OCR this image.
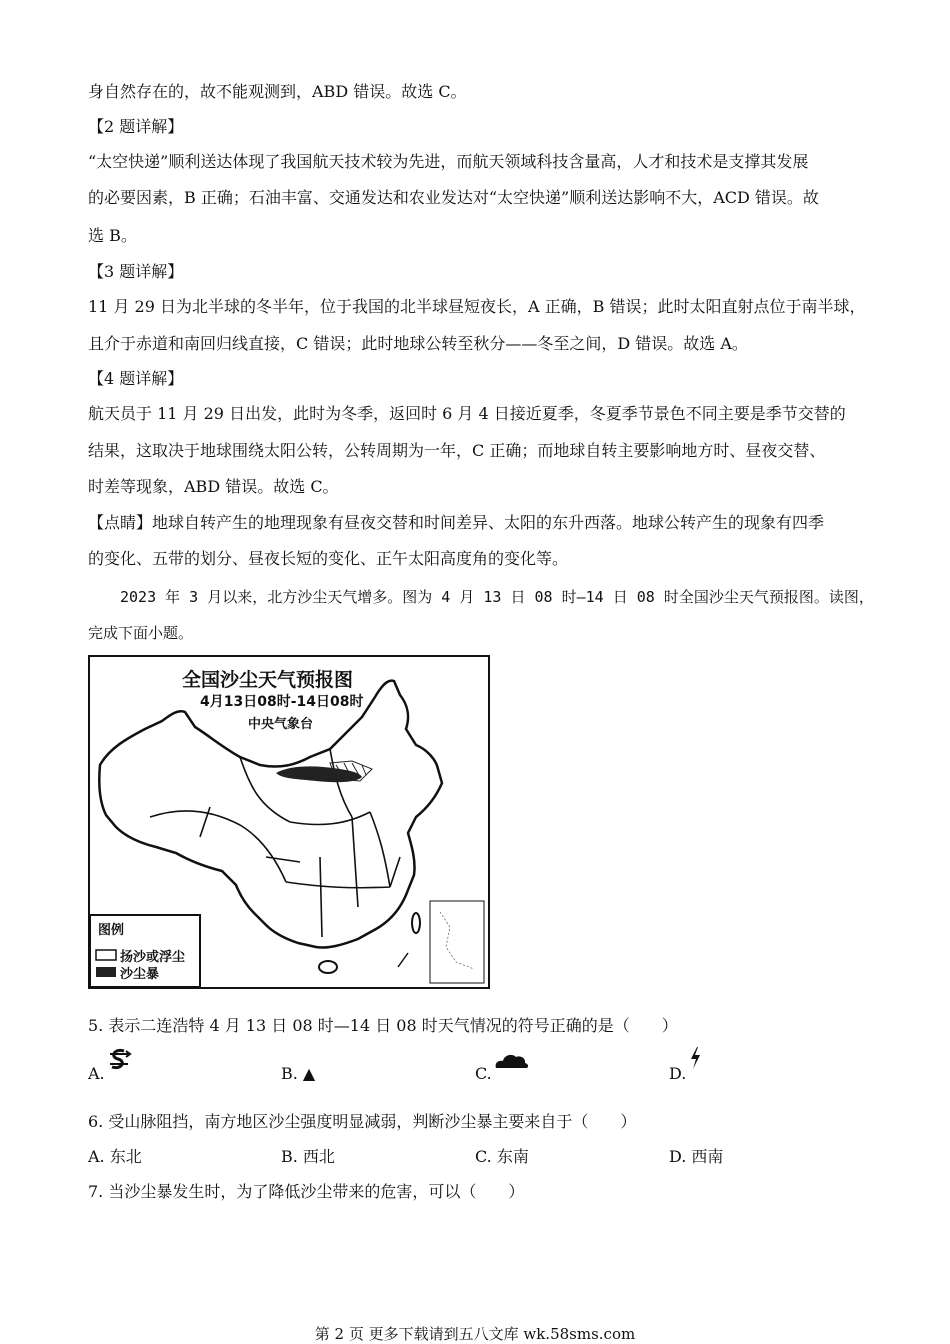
身自然存在的，故不能观测到，ABD 错误。故选 C。
【2 题详解】
“太空快递”顺利送达体现了我国航天技术较为先进，而航天领域科技含量高，人才和技术是支撑其发展
的必要因素，B 正确；石油丰富、交通发达和农业发达对“太空快递”顺利送达影响不大，ACD 错误。故
选 B。
【3 题详解】
11 月 29 日为北半球的冬半年，位于我国的北半球昼短夜长，A 正确，B 错误；此时太阳直射点位于南半球，
且介于赤道和南回归线直接，C 错误；此时地球公转至秋分——冬至之间，D 错误。故选 A。
【4 题详解】
航天员于 11 月 29 日出发，此时为冬季，返回时 6 月 4 日接近夏季，冬夏季节景色不同主要是季节交替的
结果，这取决于地球围绕太阳公转，公转周期为一年，C 正确；而地球自转主要影响地方时、昼夜交替、
时差等现象，ABD 错误。故选 C。
【点睛】地球自转产生的地理现象有昼夜交替和时间差异、太阳的东升西落。地球公转产生的现象有四季
的变化、五带的划分、昼夜长短的变化、正午太阳高度角的变化等。
2023 年 3 月以来，北方沙尘天气增多。图为 4 月 13 日 08 时—14 日 08 时全国沙尘天气预报图。读图，
完成下面小题。
全国沙尘天气预报图
4月13日08时-14日08时
中央气象台
图例
扬沙或浮尘
沙尘暴
5. 表示二连浩特 4 月 13 日 08 时—14 日 08 时天气情况的符号正确的是（　　）
A.	B. ▲	C.	D.
6. 受山脉阻挡，南方地区沙尘强度明显减弱，判断沙尘暴主要来自于（　　）
A. 东北	B. 西北	C. 东南	D. 西南
7. 当沙尘暴发生时，为了降低沙尘带来的危害，可以（　　）
第 2 页 更多下载请到五八文库 wk.58sms.com
